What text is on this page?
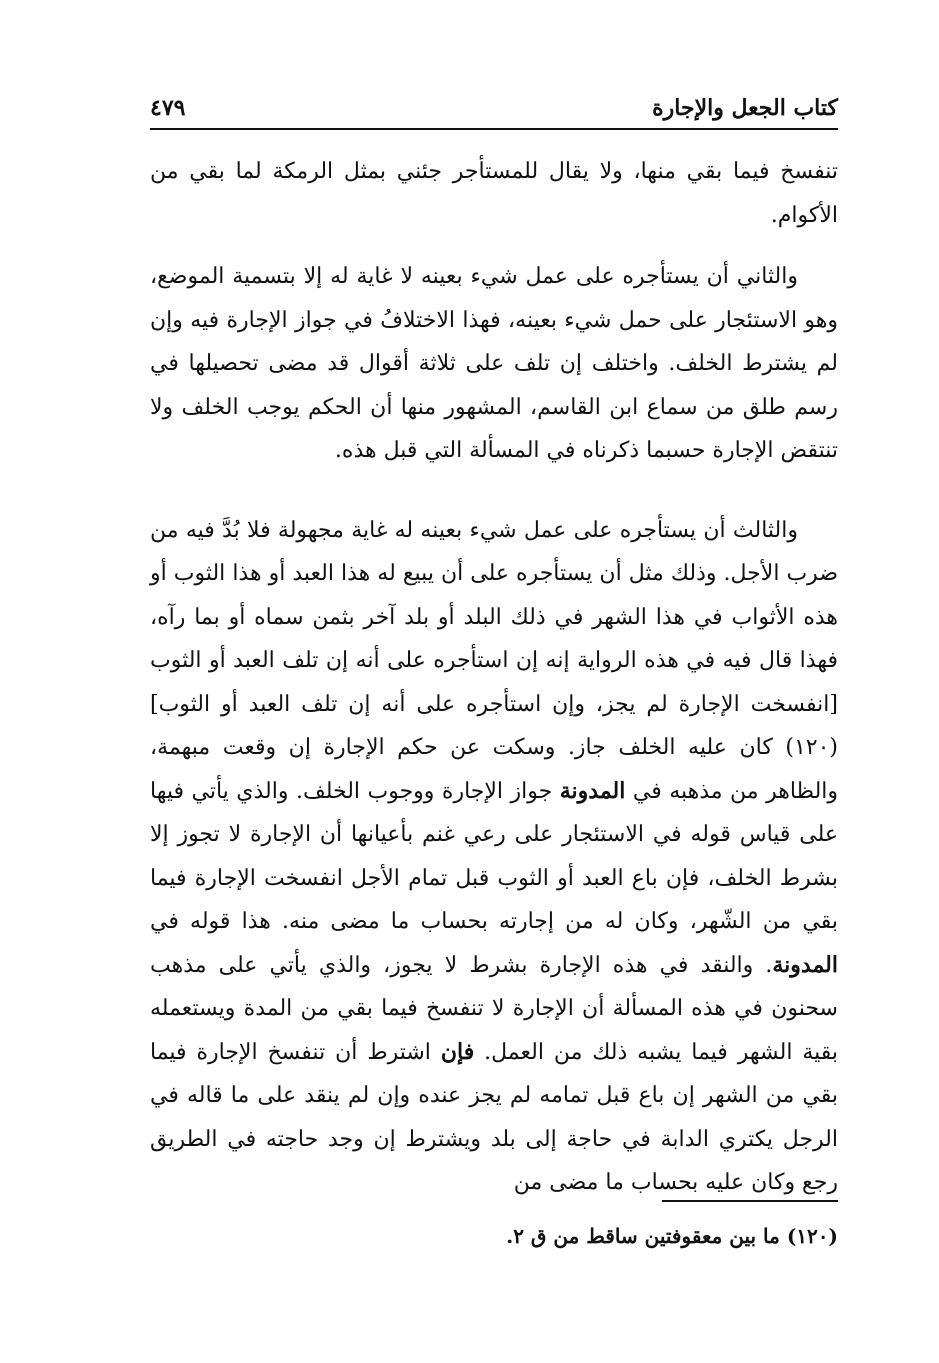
كتاب الجعل والإجارة
٤٧٩

تنفسخ فيما بقي منها، ولا يقال للمستأجر جئني بمثل الرمكة لما بقي من الأكوام.

والثاني أن يستأجره على عمل شيء بعينه لا غاية له إلا بتسمية الموضع، وهو الاستئجار على حمل شيء بعينه، فهذا الاختلافُ في جواز الإجارة فيه وإن لم يشترط الخلف. واختلف إن تلف على ثلاثة أقوال قد مضى تحصيلها في رسم طلق من سماع ابن القاسم، المشهور منها أن الحكم يوجب الخلف ولا تنتقض الإجارة حسبما ذكرناه في المسألة التي قبل هذه.

والثالث أن يستأجره على عمل شيء بعينه له غاية مجهولة فلا بُدَّ فيه من ضرب الأجل. وذلك مثل أن يستأجره على أن يبيع له هذا العبد أو هذا الثوب أو هذه الأثواب في هذا الشهر في ذلك البلد أو بلد آخر بثمن سماه أو بما رآه، فهذا قال فيه في هذه الرواية إنه إن استأجره على أنه إن تلف العبد أو الثوب [انفسخت الإجارة لم يجز، وإن استأجره على أنه إن تلف العبد أو الثوب](١٢٠) كان عليه الخلف جاز. وسكت عن حكم الإجارة إن وقعت مبهمة، والظاهر من مذهبه في المدونة جواز الإجارة ووجوب الخلف. والذي يأتي فيها على قياس قوله في الاستئجار على رعي غنم بأعيانها أن الإجارة لا تجوز إلا بشرط الخلف، فإن باع العبد أو الثوب قبل تمام الأجل انفسخت الإجارة فيما بقي من الشّهر، وكان له من إجارته بحساب ما مضى منه. هذا قوله في المدونة. والنقد في هذه الإجارة بشرط لا يجوز، والذي يأتي على مذهب سحنون في هذه المسألة أن الإجارة لا تنفسخ فيما بقي من المدة ويستعمله بقية الشهر فيما يشبه ذلك من العمل. فإن اشترط أن تنفسخ الإجارة فيما بقي من الشهر إن باع قبل تمامه لم يجز عنده وإن لم ينقد على ما قاله في الرجل يكتري الدابة في حاجة إلى بلد ويشترط إن وجد حاجته في الطريق رجع وكان عليه بحساب ما مضى من

(١٢٠) ما بين معقوفتين ساقط من ق ٢.
